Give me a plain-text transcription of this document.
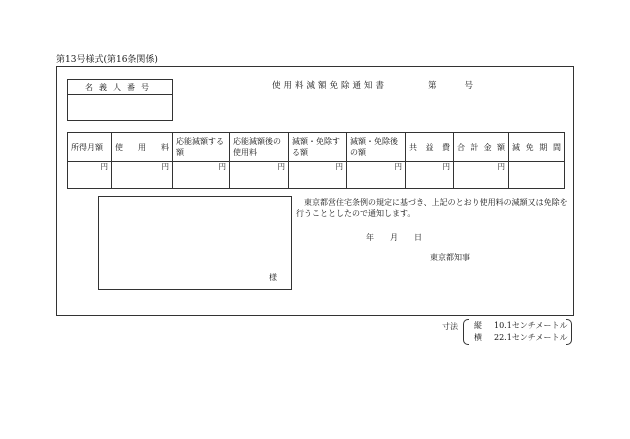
第13号様式(第16条関係)
名義人番号	使用料減額免除通知書	第	号
所得月額	使用料	応能減額する額	応能減額後の使用料	減額・免除する額	減額・免除後の額	共益費	合計金額	減免期間
円	円	円	円	円	円	円	円	
様
東京都営住宅条例の規定に基づき、上記のとおり使用料の減額又は免除を行うこととしたので通知します。
年 月 日
東京都知事
寸法 縦 10.1センチメートル
横 22.1センチメートル
